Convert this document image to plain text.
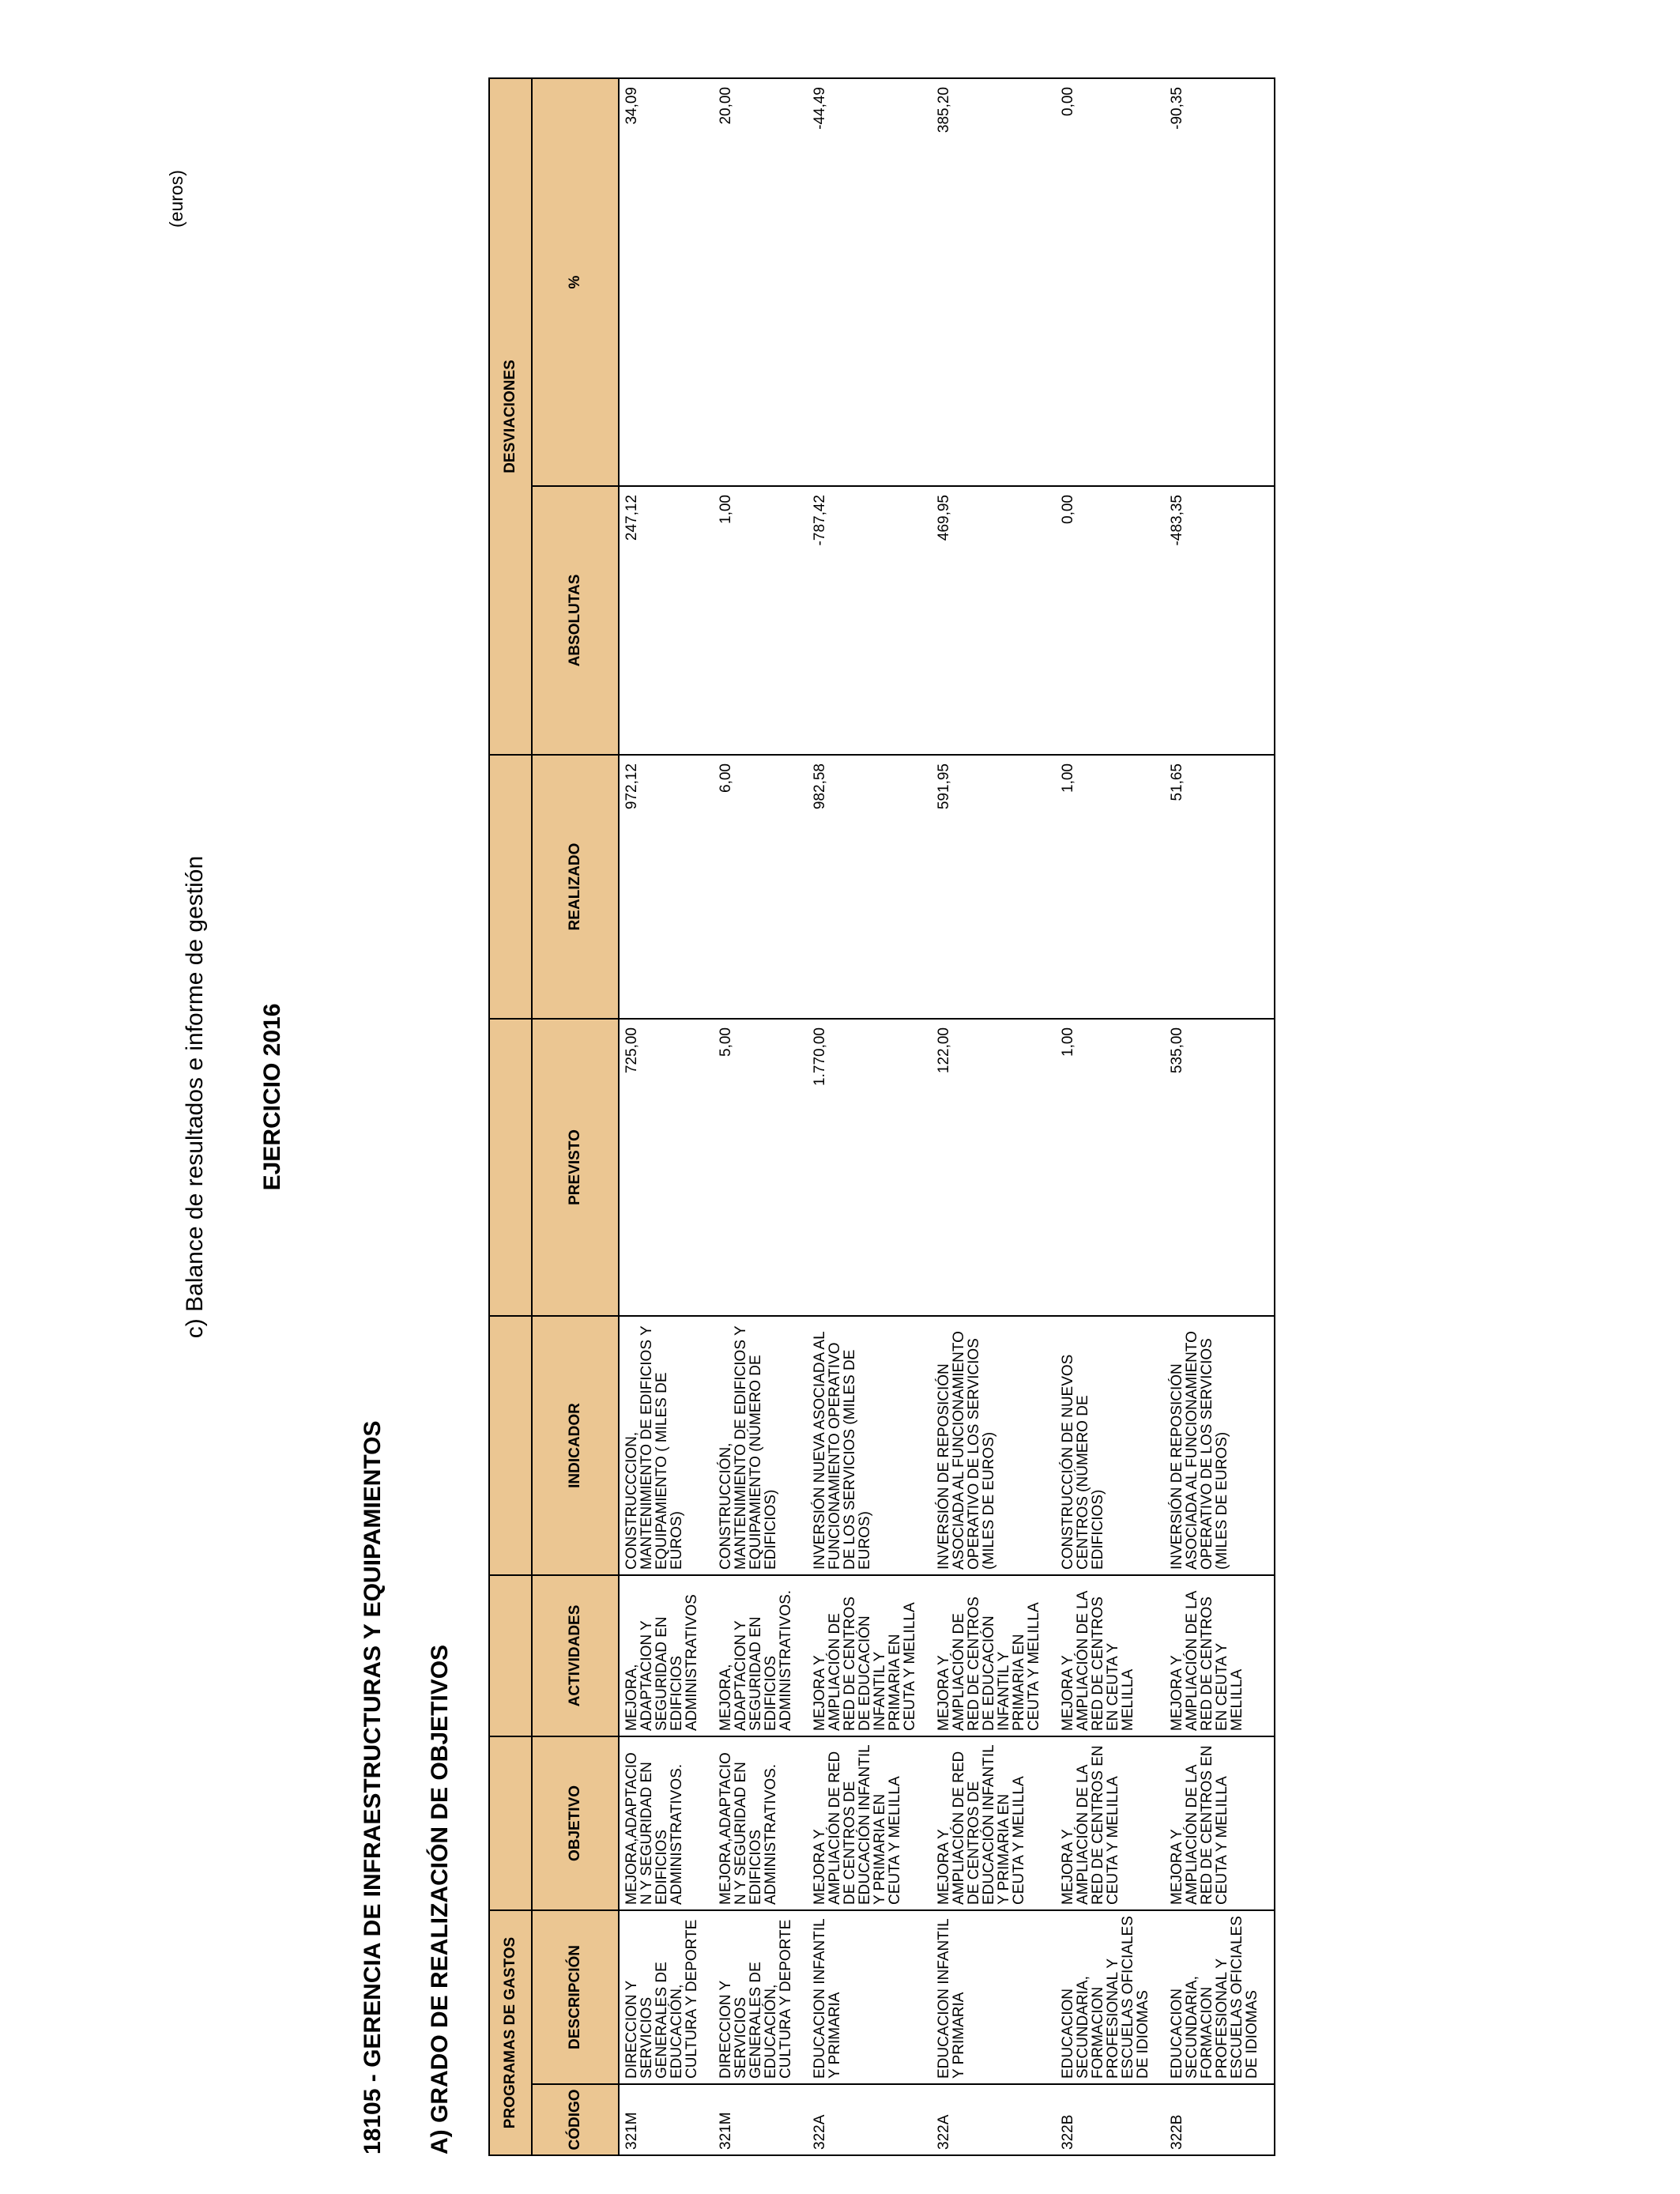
c) Balance de resultados e informe de gestión EJERCICIO 2016
(euros)
18105 - GERENCIA DE INFRAESTRUCTURAS Y EQUIPAMIENTOS A) GRADO DE REALIZACIÓN DE OBJETIVOS	PROGRAMAS DE GASTOS							DESVIACIONES	
CÓDIGO	DESCRIPCIÓN	OBJETIVO	ACTIVIDADES	INDICADOR	PREVISTO	REALIZADO	ABSOLUTAS	%
321M	DIRECCION Y SERVICIOS GENERALES DE EDUCACIÓN, CULTURA Y DEPORTE	MEJORA,ADAPTACION Y SEGURIDAD EN EDIFICIOS ADMINISTRATIVOS.	MEJORA, ADAPTACION Y SEGURIDAD EN EDIFICIOS ADMINISTRATIVOS	CONSTRUCCCION, MANTENIMIENTO DE EDIFICIOS Y EQUIPAMIENTO ( MILES DE EUROS)	725,00	972,12	247,12	34,09
321M	DIRECCION Y SERVICIOS GENERALES DE EDUCACIÓN, CULTURA Y DEPORTE	MEJORA,ADAPTACION Y SEGURIDAD EN EDIFICIOS ADMINISTRATIVOS.	MEJORA, ADAPTACION Y SEGURIDAD EN EDIFICIOS ADMINISTRATIVOS.	CONSTRUCCIÓN, MANTENIMIENTO DE EDIFICIOS Y EQUIPAMIENTO (NÚMERO DE EDIFICIOS)	5,00	6,00	1,00	20,00
322A	EDUCACION INFANTIL Y PRIMARIA	MEJORA Y AMPLIACIÓN DE RED DE CENTROS DE EDUCACIÓN INFANTIL Y PRIMARIA EN CEUTA Y MELILLA	MEJORA Y AMPLIACIÓN DE RED DE CENTROS DE EDUCACIÓN INFANTIL Y PRIMARIA EN CEUTA Y MELILLA	INVERSIÓN NUEVA ASOCIADA AL FUNCIONAMIENTO OPERATIVO DE LOS SERVICIOS (MILES DE EUROS)	1.770,00	982,58	-787,42	-44,49
322A	EDUCACION INFANTIL Y PRIMARIA	MEJORA Y AMPLIACIÓN DE RED DE CENTROS DE EDUCACIÓN INFANTIL Y PRIMARIA EN CEUTA Y MELILLA	MEJORA Y AMPLIACIÓN DE RED DE CENTROS DE EDUCACIÓN INFANTIL Y PRIMARIA EN CEUTA Y MELILLA	INVERSIÓN DE REPOSICIÓN ASOCIADA AL FUNCIONAMIENTO OPERATIVO DE LOS SERVICIOS (MILES DE EUROS)	122,00	591,95	469,95	385,20
322B	EDUCACION SECUNDARIA, FORMACION PROFESIONAL Y ESCUELAS OFICIALES DE IDIOMAS	MEJORA Y AMPLIACIÓN DE LA RED DE CENTROS EN CEUTA Y MELILLA	MEJORA Y AMPLIACIÓN DE LA RED DE CENTROS EN CEUTA Y MELILLA	CONSTRUCCIÓN DE NUEVOS CENTROS (NÚMERO DE EDIFICIOS)	1,00	1,00	0,00	0,00
322B	EDUCACION SECUNDARIA, FORMACION PROFESIONAL Y ESCUELAS OFICIALES DE IDIOMAS	MEJORA Y AMPLIACIÓN DE LA RED DE CENTROS EN CEUTA Y MELILLA	MEJORA Y AMPLIACIÓN DE LA RED DE CENTROS EN CEUTA Y MELILLA	INVERSIÓN DE REPOSICIÓN ASOCIADA AL FUNCIONAMIENTO OPERATIVO DE LOS SERVICIOS (MILES DE EUROS)	535,00	51,65	-483,35	-90,35
